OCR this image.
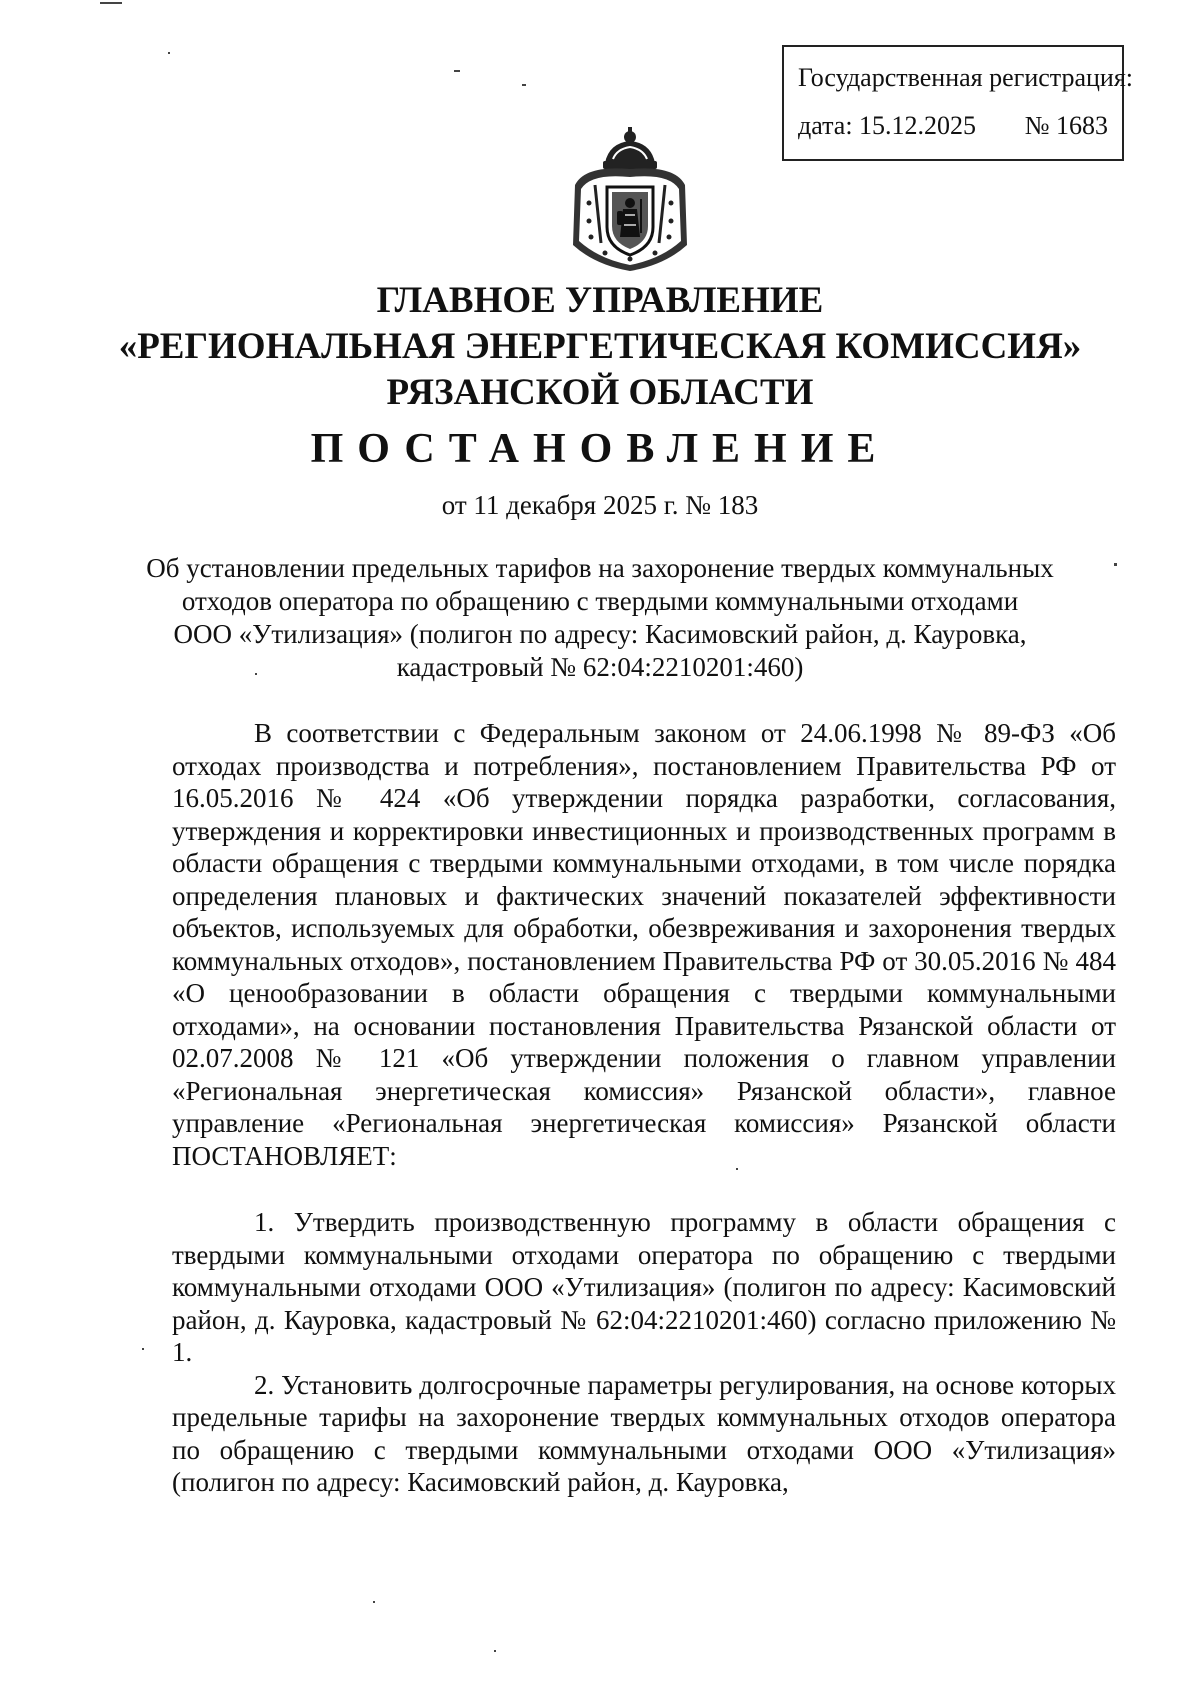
Государственная регистрация:
дата: 15.12.2025 № 1683
ГЛАВНОЕ УПРАВЛЕНИЕ
«РЕГИОНАЛЬНАЯ ЭНЕРГЕТИЧЕСКАЯ КОМИССИЯ»
РЯЗАНСКОЙ ОБЛАСТИ
ПОСТАНОВЛЕНИЕ
от 11 декабря 2025 г. № 183
Об установлении предельных тарифов на захоронение твердых коммунальных
отходов оператора по обращению с твердыми коммунальными отходами
ООО «Утилизация» (полигон по адресу: Касимовский район, д. Кауровка,
кадастровый № 62:04:2210201:460)

В соответствии с Федеральным законом от 24.06.1998 № 89-ФЗ «Об отходах производства и потребления», постановлением Правительства РФ от 16.05.2016 № 424 «Об утверждении порядка разработки, согласования, утверждения и корректировки инвестиционных и производственных программ в области обращения с твердыми коммунальными отходами, в том числе порядка определения плановых и фактических значений показателей эффективности объектов, используемых для обработки, обезвреживания и захоронения твердых коммунальных отходов», постановлением Правительства РФ от 30.05.2016 № 484 «О ценообразовании в области обращения с твердыми коммунальными отходами», на основании постановления Правительства Рязанской области от 02.07.2008 № 121 «Об утверждении положения о главном управлении «Региональная энергетическая комиссия» Рязанской области», главное управление «Региональная энергетическая комиссия» Рязанской области ПОСТАНОВЛЯЕТ:

1. Утвердить производственную программу в области обращения с твердыми коммунальными отходами оператора по обращению с твердыми коммунальными отходами ООО «Утилизация» (полигон по адресу: Касимовский район, д. Кауровка, кадастровый № 62:04:2210201:460) согласно приложению № 1.

2. Установить долгосрочные параметры регулирования, на основе которых предельные тарифы на захоронение твердых коммунальных отходов оператора по обращению с твердыми коммунальными отходами ООО «Утилизация» (полигон по адресу: Касимовский район, д. Кауровка,
